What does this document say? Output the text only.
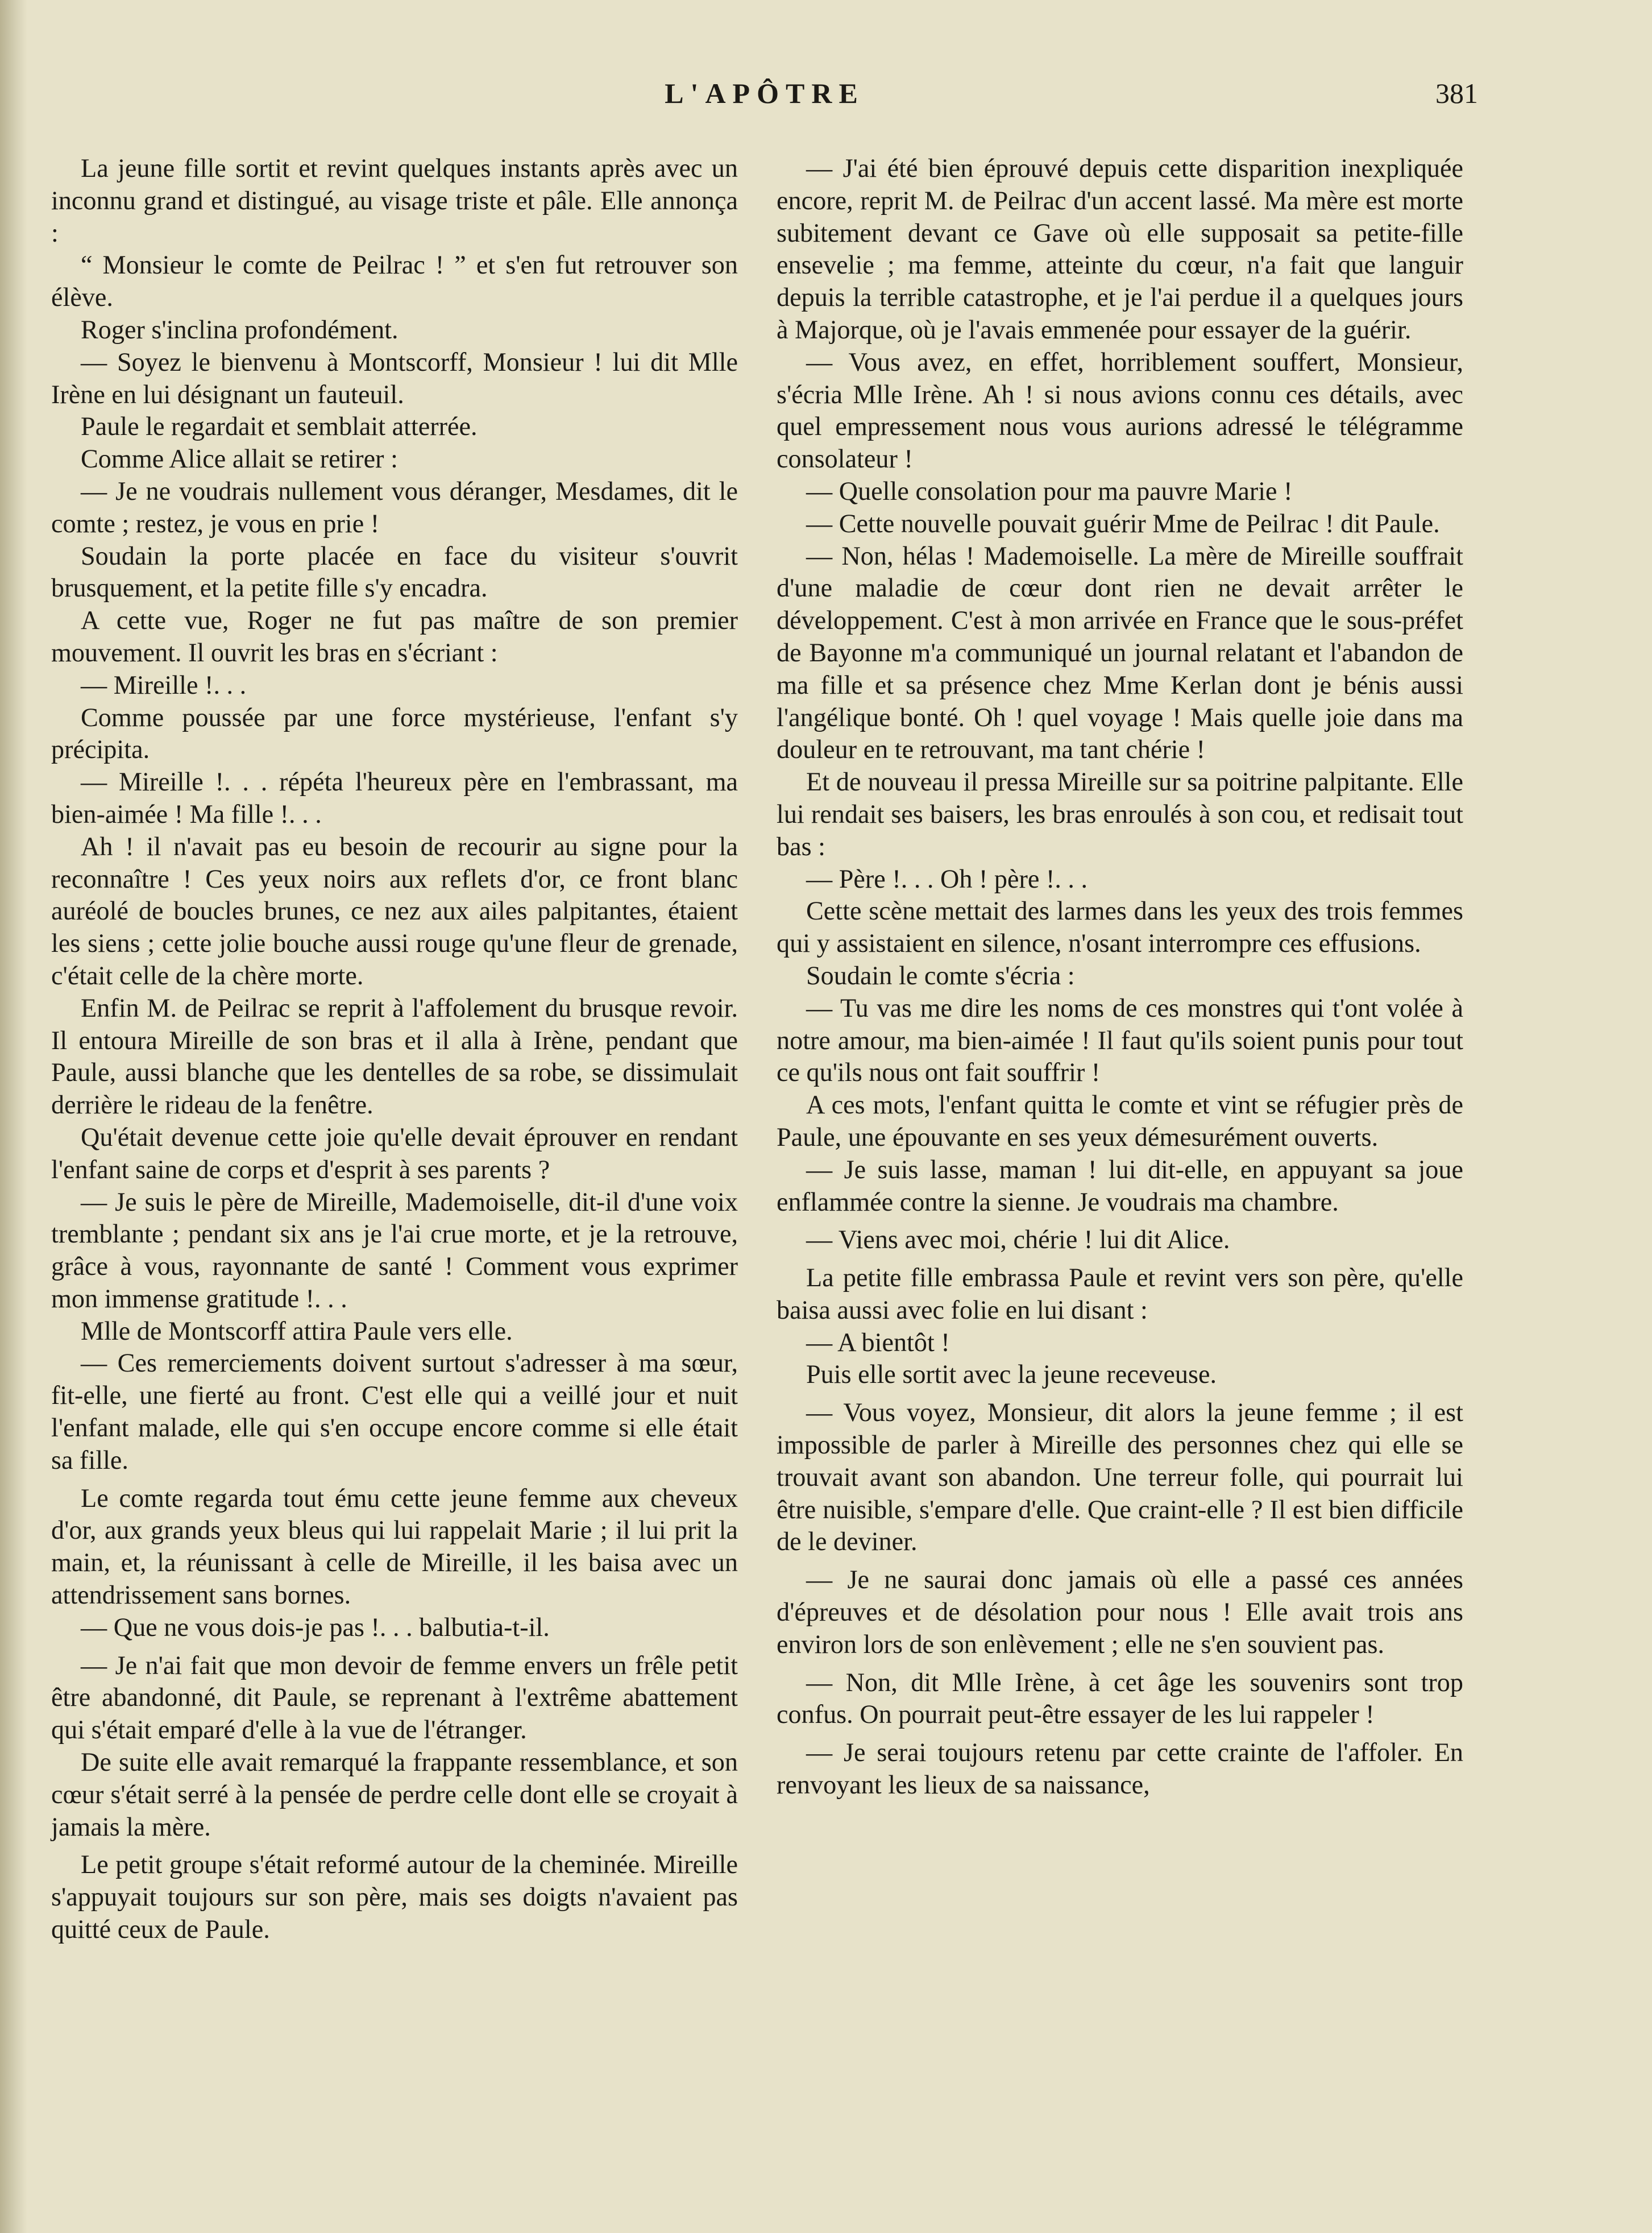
L'APÔTRE	381

La jeune fille sortit et revint quelques instants après avec un inconnu grand et distingué, au visage triste et pâle. Elle annonça :

“ Monsieur le comte de Peilrac ! ” et s'en fut retrouver son élève.

Roger s'inclina profondément.

— Soyez le bienvenu à Montscorff, Monsieur ! lui dit Mlle Irène en lui désignant un fauteuil.

Paule le regardait et semblait atterrée.

Comme Alice allait se retirer :

— Je ne voudrais nullement vous déranger, Mesdames, dit le comte ; restez, je vous en prie !

Soudain la porte placée en face du visiteur s'ouvrit brusquement, et la petite fille s'y encadra.

A cette vue, Roger ne fut pas maître de son premier mouvement. Il ouvrit les bras en s'écriant :

— Mireille !. . .

Comme poussée par une force mystérieuse, l'enfant s'y précipita.

— Mireille !. . . répéta l'heureux père en l'embrassant, ma bien-aimée ! Ma fille !. . .

Ah ! il n'avait pas eu besoin de recourir au signe pour la reconnaître ! Ces yeux noirs aux reflets d'or, ce front blanc auréolé de boucles brunes, ce nez aux ailes palpitantes, étaient les siens ; cette jolie bouche aussi rouge qu'une fleur de grenade, c'était celle de la chère morte.

Enfin M. de Peilrac se reprit à l'affolement du brusque revoir. Il entoura Mireille de son bras et il alla à Irène, pendant que Paule, aussi blanche que les dentelles de sa robe, se dissimulait derrière le rideau de la fenêtre.

Qu'était devenue cette joie qu'elle devait éprouver en rendant l'enfant saine de corps et d'esprit à ses parents ?

— Je suis le père de Mireille, Mademoiselle, dit-il d'une voix tremblante ; pendant six ans je l'ai crue morte, et je la retrouve, grâce à vous, rayonnante de santé ! Comment vous exprimer mon immense gratitude !. . .

Mlle de Montscorff attira Paule vers elle.

— Ces remerciements doivent surtout s'adresser à ma sœur, fit-elle, une fierté au front. C'est elle qui a veillé jour et nuit l'enfant malade, elle qui s'en occupe encore comme si elle était sa fille.

Le comte regarda tout ému cette jeune femme aux cheveux d'or, aux grands yeux bleus qui lui rappelait Marie ; il lui prit la main, et, la réunissant à celle de Mireille, il les baisa avec un attendrissement sans bornes.

— Que ne vous dois-je pas !. . . balbutia-t-il.

— Je n'ai fait que mon devoir de femme envers un frêle petit être abandonné, dit Paule, se reprenant à l'extrême abattement qui s'était emparé d'elle à la vue de l'étranger.

De suite elle avait remarqué la frappante ressemblance, et son cœur s'était serré à la pensée de perdre celle dont elle se croyait à jamais la mère.

Le petit groupe s'était reformé autour de la cheminée. Mireille s'appuyait toujours sur son père, mais ses doigts n'avaient pas quitté ceux de Paule.

— J'ai été bien éprouvé depuis cette disparition inexpliquée encore, reprit M. de Peilrac d'un accent lassé. Ma mère est morte subitement devant ce Gave où elle supposait sa petite-fille ensevelie ; ma femme, atteinte du cœur, n'a fait que languir depuis la terrible catastrophe, et je l'ai perdue il a quelques jours à Majorque, où je l'avais emmenée pour essayer de la guérir.

— Vous avez, en effet, horriblement souffert, Monsieur, s'écria Mlle Irène. Ah ! si nous avions connu ces détails, avec quel empressement nous vous aurions adressé le télégramme consolateur !

— Quelle consolation pour ma pauvre Marie !

— Cette nouvelle pouvait guérir Mme de Peilrac ! dit Paule.

— Non, hélas ! Mademoiselle. La mère de Mireille souffrait d'une maladie de cœur dont rien ne devait arrêter le développement. C'est à mon arrivée en France que le sous-préfet de Bayonne m'a communiqué un journal relatant et l'abandon de ma fille et sa présence chez Mme Kerlan dont je bénis aussi l'angélique bonté. Oh ! quel voyage ! Mais quelle joie dans ma douleur en te retrouvant, ma tant chérie !

Et de nouveau il pressa Mireille sur sa poitrine palpitante. Elle lui rendait ses baisers, les bras enroulés à son cou, et redisait tout bas :

— Père !. . . Oh ! père !. . .

Cette scène mettait des larmes dans les yeux des trois femmes qui y assistaient en silence, n'osant interrompre ces effusions.

Soudain le comte s'écria :

— Tu vas me dire les noms de ces monstres qui t'ont volée à notre amour, ma bien-aimée ! Il faut qu'ils soient punis pour tout ce qu'ils nous ont fait souffrir !

A ces mots, l'enfant quitta le comte et vint se réfugier près de Paule, une épouvante en ses yeux démesurément ouverts.

— Je suis lasse, maman ! lui dit-elle, en appuyant sa joue enflammée contre la sienne. Je voudrais ma chambre.

— Viens avec moi, chérie ! lui dit Alice.

La petite fille embrassa Paule et revint vers son père, qu'elle baisa aussi avec folie en lui disant :

— A bientôt !

Puis elle sortit avec la jeune receveuse.

— Vous voyez, Monsieur, dit alors la jeune femme ; il est impossible de parler à Mireille des personnes chez qui elle se trouvait avant son abandon. Une terreur folle, qui pourrait lui être nuisible, s'empare d'elle. Que craint-elle ? Il est bien difficile de le deviner.

— Je ne saurai donc jamais où elle a passé ces années d'épreuves et de désolation pour nous ! Elle avait trois ans environ lors de son enlèvement ; elle ne s'en souvient pas.

— Non, dit Mlle Irène, à cet âge les souvenirs sont trop confus. On pourrait peut-être essayer de les lui rappeler !

— Je serai toujours retenu par cette crainte de l'affoler. En renvoyant les lieux de sa naissance,
